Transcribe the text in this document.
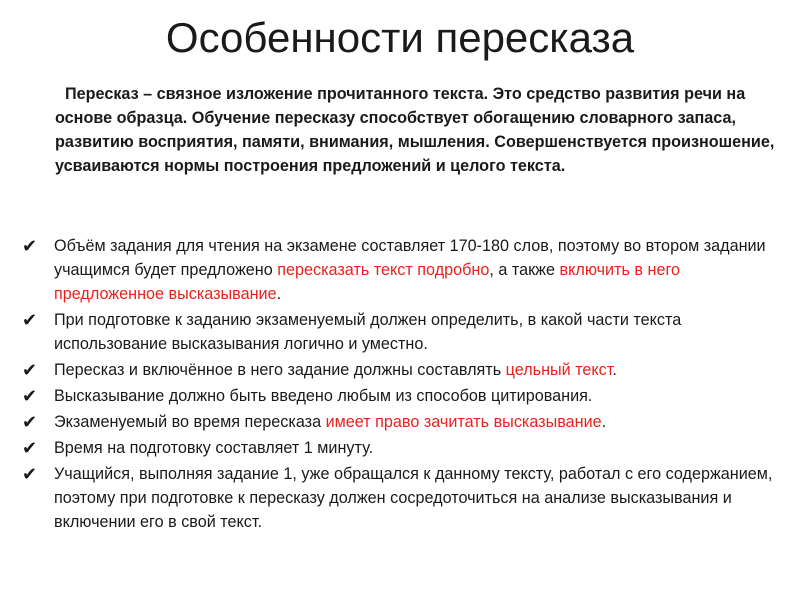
Особенности пересказа

Пересказ – связное изложение прочитанного текста. Это средство развития речи на основе образца. Обучение пересказу способствует обогащению словарного запаса, развитию восприятия, памяти, внимания, мышления. Совершенствуется произношение, усваиваются нормы построения предложений и целого текста.

✔ Объём задания для чтения на экзамене составляет 170-180 слов, поэтому во втором задании учащимся будет предложено пересказать текст подробно, а также включить в него предложенное высказывание.
✔ При подготовке к заданию экзаменуемый должен определить, в какой части текста использование высказывания логично и уместно.
✔ Пересказ и включённое в него задание должны составлять цельный текст.
✔ Высказывание должно быть введено любым из способов цитирования.
✔ Экзаменуемый во время пересказа имеет право зачитать высказывание.
✔ Время на подготовку составляет 1 минуту.
✔ Учащийся, выполняя задание 1, уже обращался к данному тексту, работал с его содержанием, поэтому при подготовке к пересказу должен сосредоточиться на анализе высказывания и включении его в свой текст.
